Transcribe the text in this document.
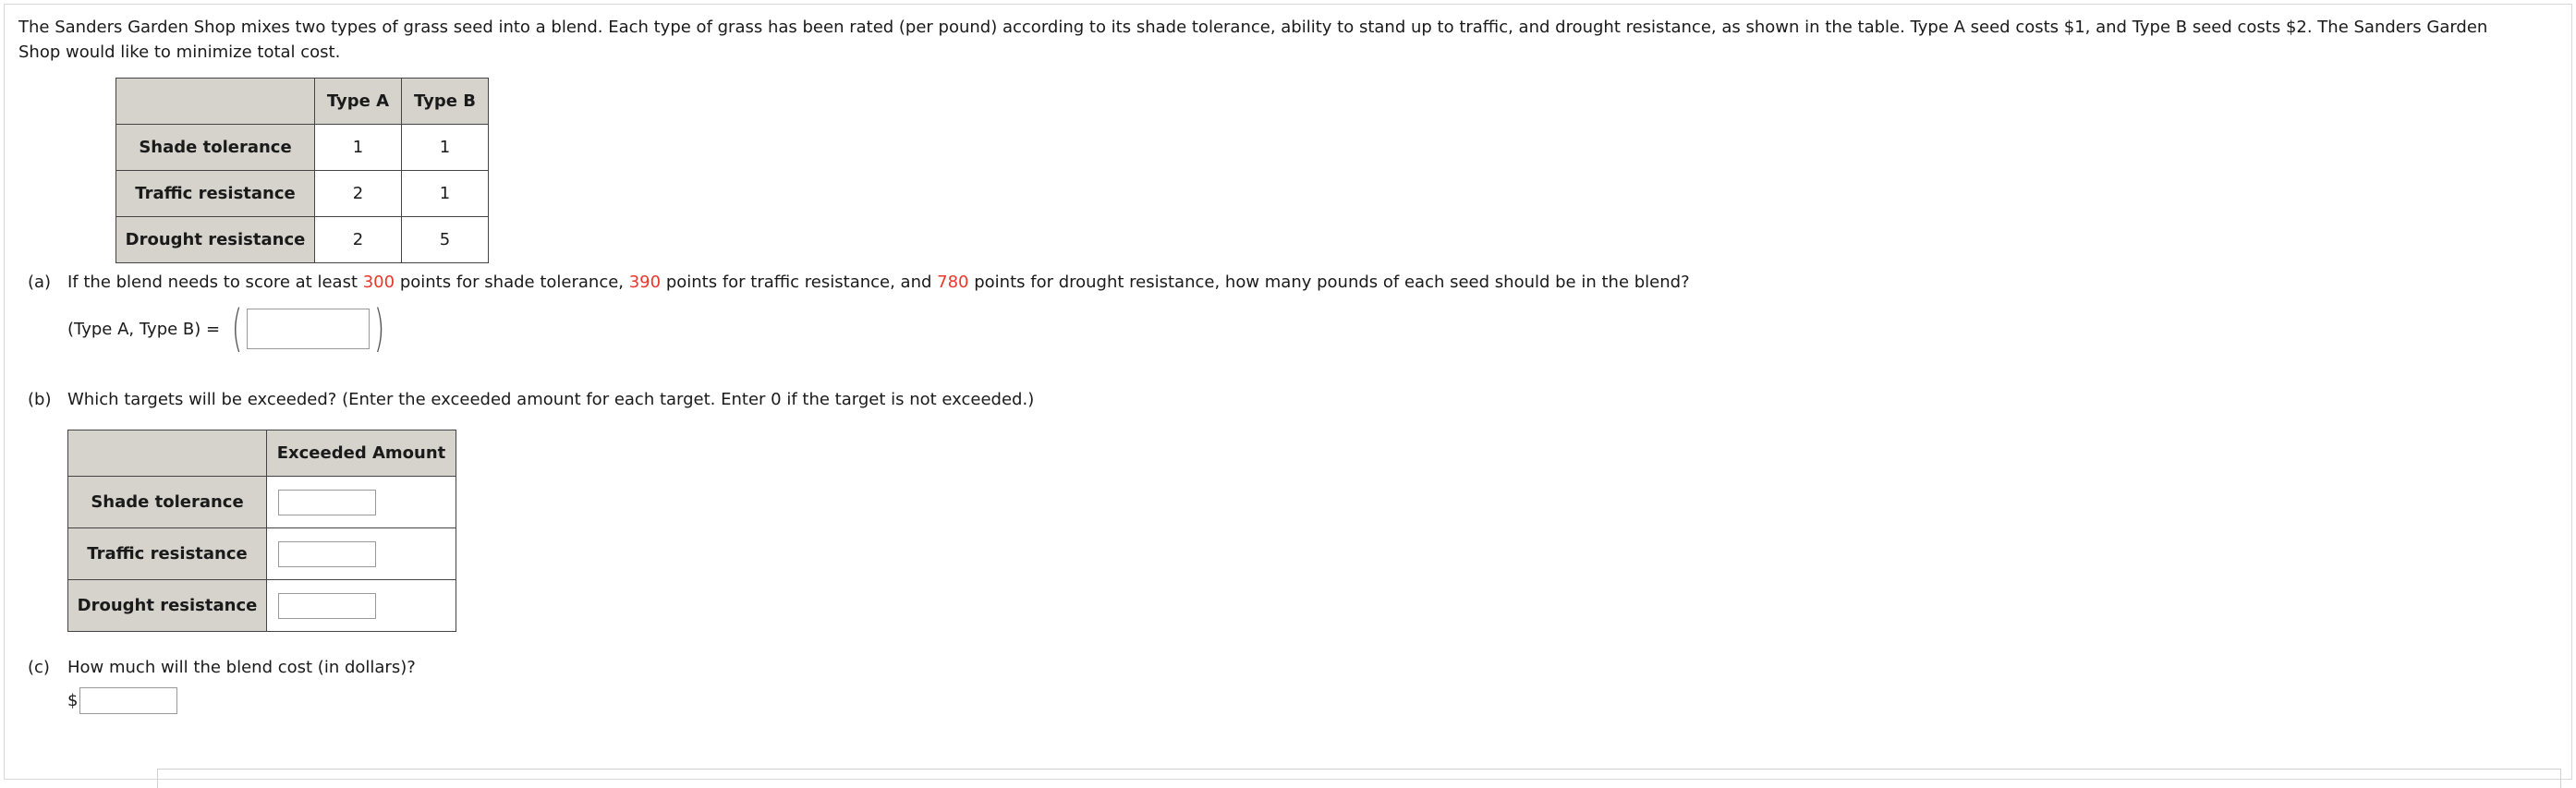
The Sanders Garden Shop mixes two types of grass seed into a blend. Each type of grass has been rated (per pound) according to its shade tolerance, ability to stand up to traffic, and drought resistance, as shown in the table. Type A seed costs $1, and Type B seed costs $2. The Sanders Garden Shop would like to minimize total cost.

	Type A	Type B
Shade tolerance	1	1
Traffic resistance	2	1
Drought resistance	2	5

(a) If the blend needs to score at least 300 points for shade tolerance, 390 points for traffic resistance, and 780 points for drought resistance, how many pounds of each seed should be in the blend?

(Type A, Type B) = (	)

(b) Which targets will be exceeded? (Enter the exceeded amount for each target. Enter 0 if the target is not exceeded.)

	Exceeded Amount
Shade tolerance	
Traffic resistance	
Drought resistance	

(c) How much will the blend cost (in dollars)?

$
